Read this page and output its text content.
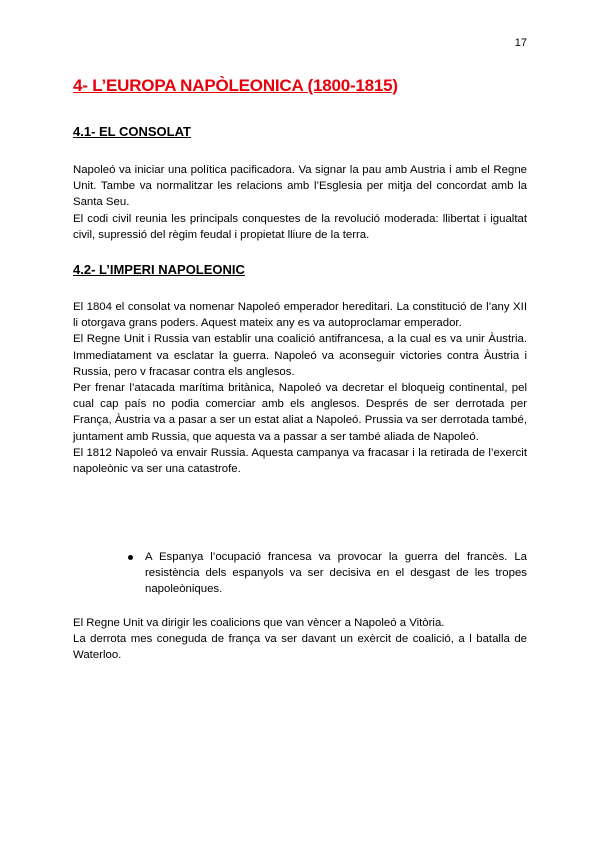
17
4- L’EUROPA NAPÒLEONICA (1800-1815)
4.1- EL CONSOLAT

Napoleó va iniciar una política pacificadora. Va signar la pau amb Austria i amb el Regne Unit. Tambe va normalitzar les relacions amb l’Esglesia per mitja del concordat amb la Santa Seu.

El codi civil reunia les principals conquestes de la revolució moderada: llibertat i igualtat civil, supressió del règim feudal i propietat lliure de la terra.

4.2- L’IMPERI NAPOLEONIC

El 1804 el consolat va nomenar Napoleó emperador hereditari. La constitució de l’any XII li otorgava grans poders. Aquest mateix any es va autoproclamar emperador.

El Regne Unit i Russia van establir una coalició antifrancesa, a la cual es va unir Àustria. Immediatament va esclatar la guerra. Napoleó va aconseguir victories contra Àustria i Russia, pero v fracasar contra els anglesos.

Per frenar l’atacada marítima britànica, Napoleó va decretar el bloqueig continental, pel cual cap país no podia comerciar amb els anglesos. Després de ser derrotada per França, Àustria va a pasar a ser un estat aliat a Napoleó. Prussia va ser derrotada també, juntament amb Russia, que aquesta va a passar a ser també aliada de Napoleó.

El 1812 Napoleó va envair Russia. Aquesta campanya va fracasar i la retirada de l’exercit napoleònic va ser una catastrofe.

A Espanya l’ocupació francesa va provocar la guerra del francès. La resistència dels espanyols va ser decisiva en el desgast de les tropes napoleòniques.

El Regne Unit va dirigir les coalicions que van vèncer a Napoleó a Vitòria.

La derrota mes coneguda de frança va ser davant un exèrcit de coalició, a l batalla de Waterloo.
